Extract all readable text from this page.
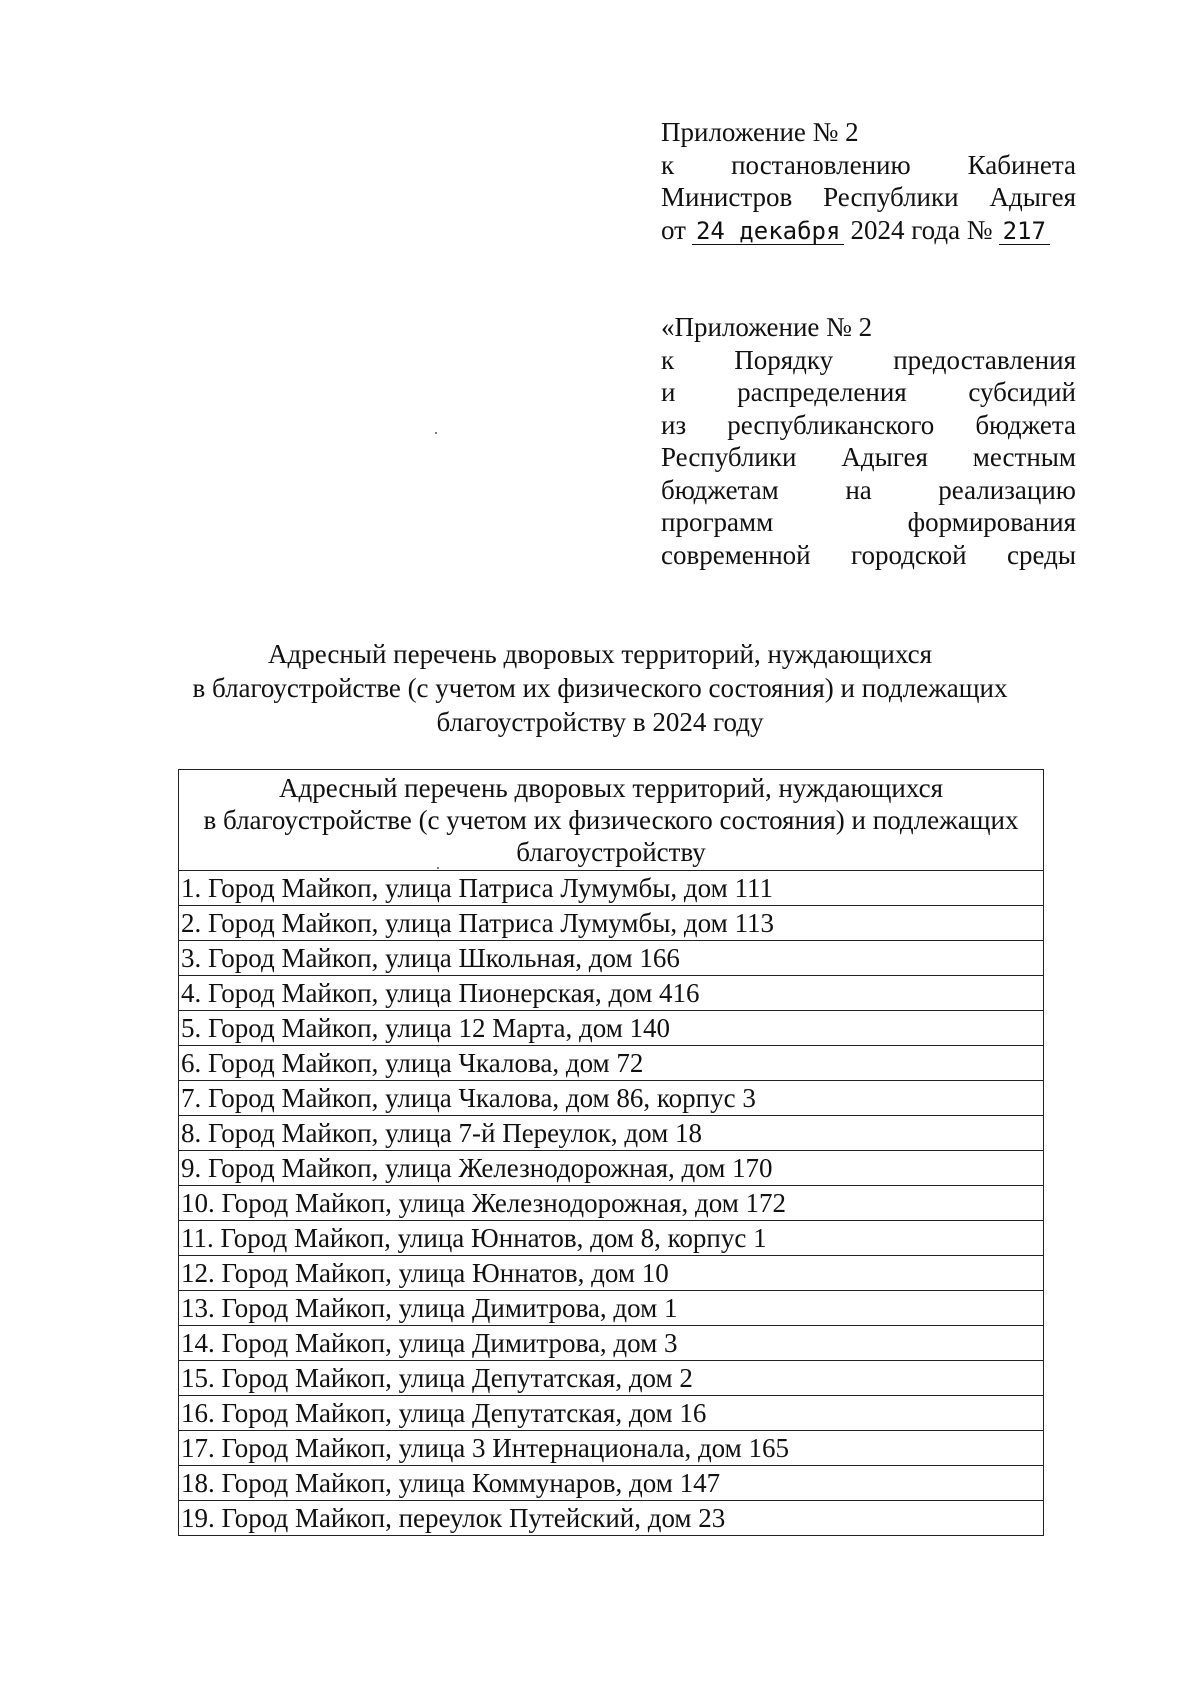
Приложение № 2
к постановлению Кабинета
Министров Республики Адыгея
от 24 декабря 2024 года № 217
«Приложение № 2
к Порядку предоставления
и распределения субсидий
из республиканского бюджета
Республики Адыгея местным
бюджетам на реализацию
программ	формирования
современной городской среды
Адресный перечень дворовых территорий, нуждающихся
в благоустройстве (с учетом их физического состояния) и подлежащих
благоустройству в 2024 году
Адресный перечень дворовых территорий, нуждающихся
в благоустройстве (с учетом их физического состояния) и подлежащих
благоустройству

1. Город Майкоп, улица Патриса Лумумбы, дом 111
2. Город Майкоп, улица Патриса Лумумбы, дом 113
3. Город Майкоп, улица Школьная, дом 166
4. Город Майкоп, улица Пионерская, дом 416
5. Город Майкоп, улица 12 Марта, дом 140
6. Город Майкоп, улица Чкалова, дом 72
7. Город Майкоп, улица Чкалова, дом 86, корпус 3
8. Город Майкоп, улица 7-й Переулок, дом 18
9. Город Майкоп, улица Железнодорожная, дом 170
10. Город Майкоп, улица Железнодорожная, дом 172
11. Город Майкоп, улица Юннатов, дом 8, корпус 1
12. Город Майкоп, улица Юннатов, дом 10
13. Город Майкоп, улица Димитрова, дом 1
14. Город Майкоп, улица Димитрова, дом 3
15. Город Майкоп, улица Депутатская, дом 2
16. Город Майкоп, улица Депутатская, дом 16
17. Город Майкоп, улица 3 Интернационала, дом 165
18. Город Майкоп, улица Коммунаров, дом 147
19. Город Майкоп, переулок Путейский, дом 23
